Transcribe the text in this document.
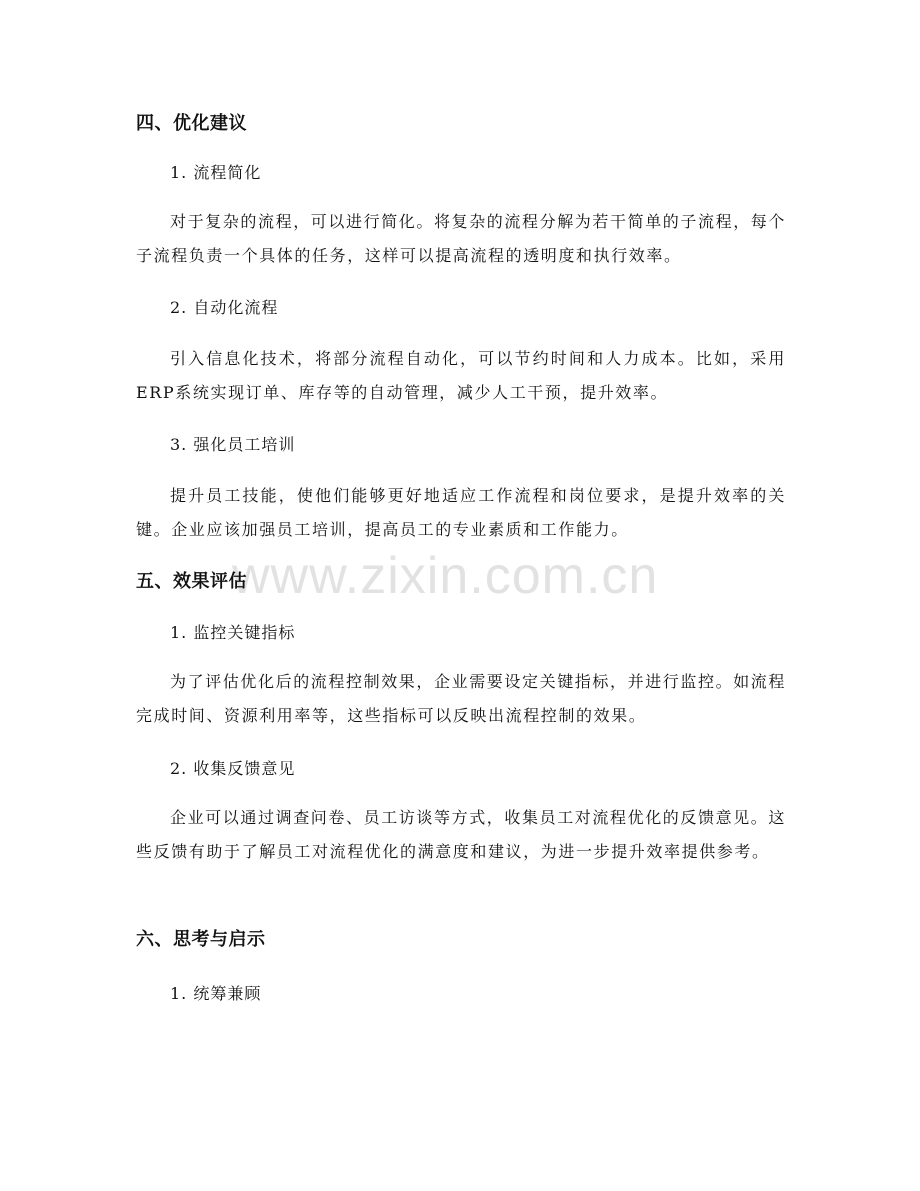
www.zixin.com.cn
四、优化建议
1. 流程简化

对于复杂的流程，可以进行简化。将复杂的流程分解为若干简单的子流程，每个子流程负责一个具体的任务，这样可以提高流程的透明度和执行效率。

2. 自动化流程

引入信息化技术，将部分流程自动化，可以节约时间和人力成本。比如，采用ERP系统实现订单、库存等的自动管理，减少人工干预，提升效率。

3. 强化员工培训

提升员工技能，使他们能够更好地适应工作流程和岗位要求，是提升效率的关键。企业应该加强员工培训，提高员工的专业素质和工作能力。

五、效果评估
1. 监控关键指标

为了评估优化后的流程控制效果，企业需要设定关键指标，并进行监控。如流程完成时间、资源利用率等，这些指标可以反映出流程控制的效果。

2. 收集反馈意见

企业可以通过调查问卷、员工访谈等方式，收集员工对流程优化的反馈意见。这些反馈有助于了解员工对流程优化的满意度和建议，为进一步提升效率提供参考。

六、思考与启示
1. 统筹兼顾
